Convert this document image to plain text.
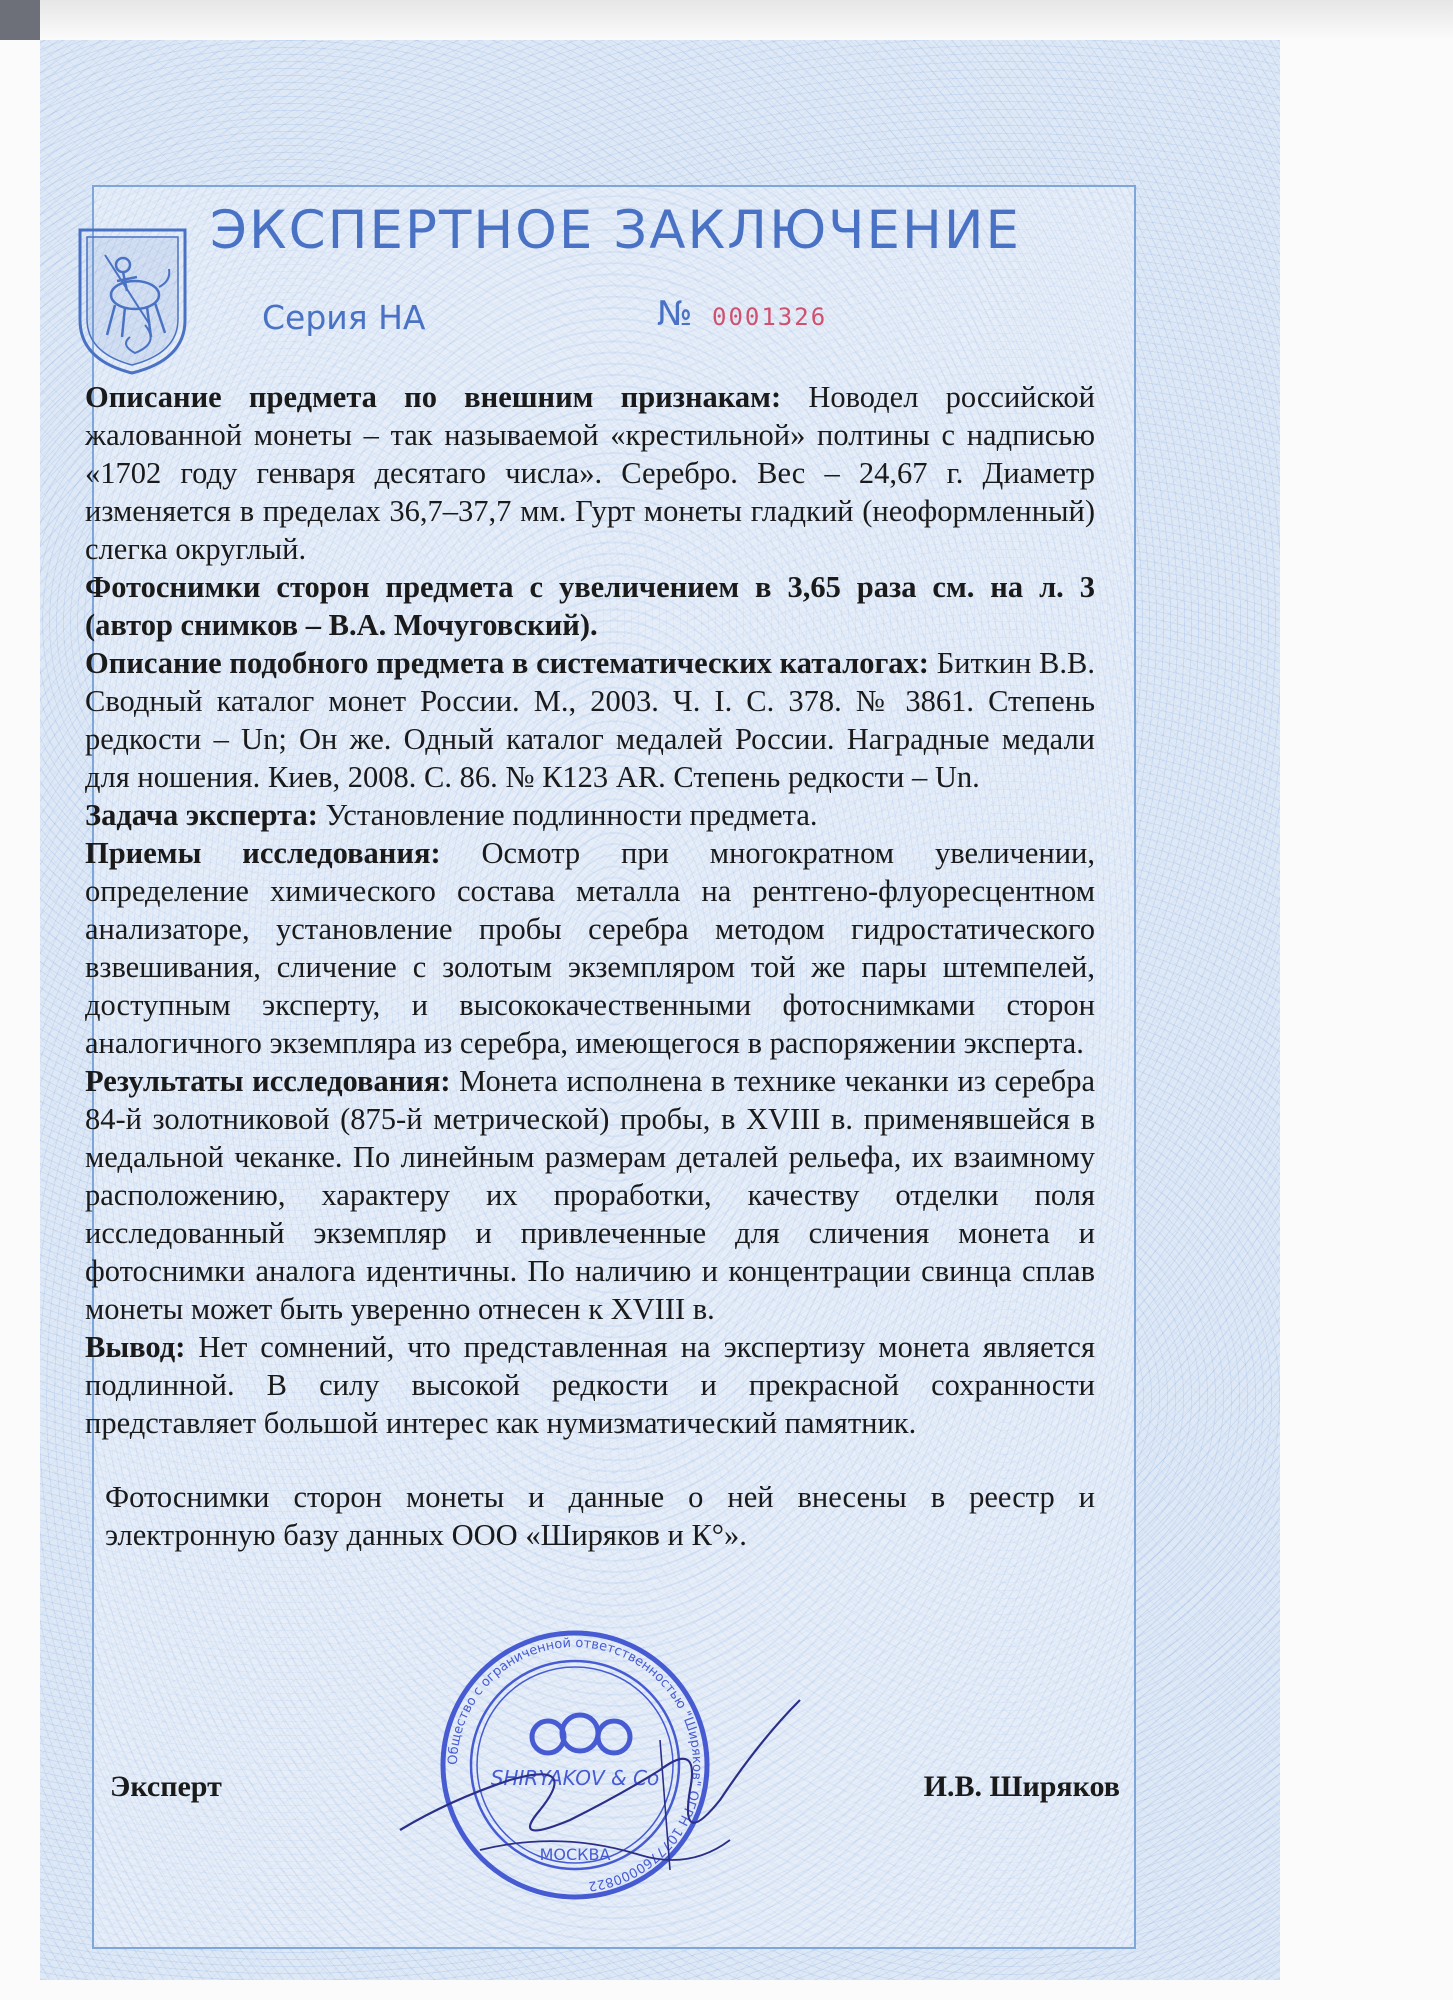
ЭКСПЕРТНОЕ ЗАКЛЮЧЕНИЕ
Серия НА	№ 0001326

Описание предмета по внешним признакам: Новодел российской жалованной монеты – так называемой «крестильной» полтины с надписью «1702 году генваря десятаго числа». Серебро. Вес – 24,67 г. Диаметр изменяется в пределах 36,7–37,7 мм. Гурт монеты гладкий (неоформленный) слегка округлый.

Фотоснимки сторон предмета с увеличением в 3,65 раза см. на л. 3 (автор снимков – В.А. Мочуговский).

Описание подобного предмета в систематических каталогах: Биткин В.В. Сводный каталог монет России. М., 2003. Ч. I. С. 378. № 3861. Степень редкости – Un; Он же. Одный каталог медалей России. Наградные медали для ношения. Киев, 2008. С. 86. № К123 AR. Степень редкости – Un.

Задача эксперта: Установление подлинности предмета.

Приемы исследования: Осмотр при многократном увеличении, определение химического состава металла на рентгено-флуоресцентном анализаторе, установление пробы серебра методом гидростатического взвешивания, сличение с золотым экземпляром той же пары штемпелей, доступным эксперту, и высококачественными фотоснимками сторон аналогичного экземпляра из серебра, имеющегося в распоряжении эксперта.

Результаты исследования: Монета исполнена в технике чеканки из серебра 84-й золотниковой (875-й метрической) пробы, в XVIII в. применявшейся в медальной чеканке. По линейным размерам деталей рельефа, их взаимному расположению, характеру их проработки, качеству отделки поля исследованный экземпляр и привлеченные для сличения монета и фотоснимки аналога идентичны. По наличию и концентрации свинца сплав монеты может быть уверенно отнесен к XVIII в.

Вывод: Нет сомнений, что представленная на экспертизу монета является подлинной. В силу высокой редкости и прекрасной сохранности представляет большой интерес как нумизматический памятник.

Фотоснимки сторон монеты и данные о ней внесены в реестр и электронную базу данных ООО «Ширяков и К°».

Эксперт	И.В. Ширяков
Общество с ограниченной ответственностью "Ширяков" ОГРН 1077760000822
SHIRYAKOV & Co
МОСКВА
